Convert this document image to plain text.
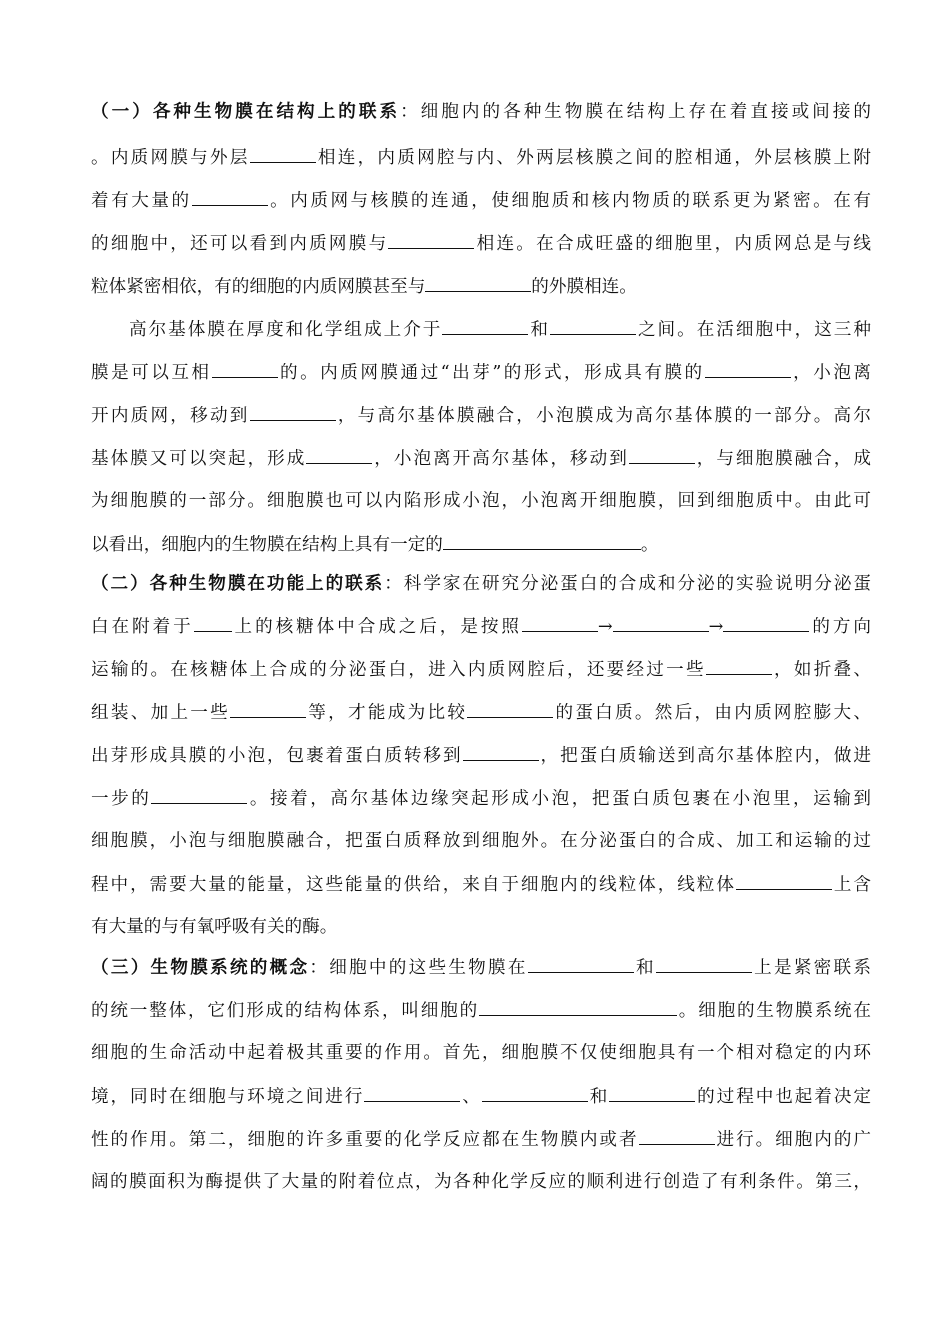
（一）各种生物膜在结构上的联系：细胞内的各种生物膜在结构上存在着直接或间接的
。内质网膜与外层	相连，内质网腔与内、外两层核膜之间的腔相通，外层核膜上附
着有大量的	。内质网与核膜的连通，使细胞质和核内物质的联系更为紧密。在有
的细胞中，还可以看到内质网膜与	相连。在合成旺盛的细胞里，内质网总是与线
粒体紧密相依，有的细胞的内质网膜甚至与	的外膜相连。
高尔基体膜在厚度和化学组成上介于	和	之间。在活细胞中，这三种
膜是可以互相	的。内质网膜通过“出芽”的形式，形成具有膜的	，小泡离
开内质网，移动到	，与高尔基体膜融合，小泡膜成为高尔基体膜的一部分。高尔
基体膜又可以突起，形成	，小泡离开高尔基体，移动到	，与细胞膜融合，成
为细胞膜的一部分。细胞膜也可以内陷形成小泡，小泡离开细胞膜，回到细胞质中。由此可
以看出，细胞内的生物膜在结构上具有一定的	。
（二）各种生物膜在功能上的联系：科学家在研究分泌蛋白的合成和分泌的实验说明分泌蛋
白在附着于 上的核糖体中合成之后，是按照	→	→	的方向
运输的。在核糖体上合成的分泌蛋白，进入内质网腔后，还要经过一些	，如折叠、
组装、加上一些	等，才能成为比较	的蛋白质。然后，由内质网腔膨大、
出芽形成具膜的小泡，包裹着蛋白质转移到	，把蛋白质输送到高尔基体腔内，做进
一步的	。接着，高尔基体边缘突起形成小泡，把蛋白质包裹在小泡里，运输到
细胞膜，小泡与细胞膜融合，把蛋白质释放到细胞外。在分泌蛋白的合成、加工和运输的过
程中，需要大量的能量，这些能量的供给，来自于细胞内的线粒体，线粒体	上含
有大量的与有氧呼吸有关的酶。
（三）生物膜系统的概念：细胞中的这些生物膜在	和	上是紧密联系
的统一整体，它们形成的结构体系，叫细胞的	。细胞的生物膜系统在
细胞的生命活动中起着极其重要的作用。首先，细胞膜不仅使细胞具有一个相对稳定的内环
境，同时在细胞与环境之间进行	、	和	的过程中也起着决定
性的作用。第二，细胞的许多重要的化学反应都在生物膜内或者	进行。细胞内的广
阔的膜面积为酶提供了大量的附着位点，为各种化学反应的顺利进行创造了有利条件。第三，
